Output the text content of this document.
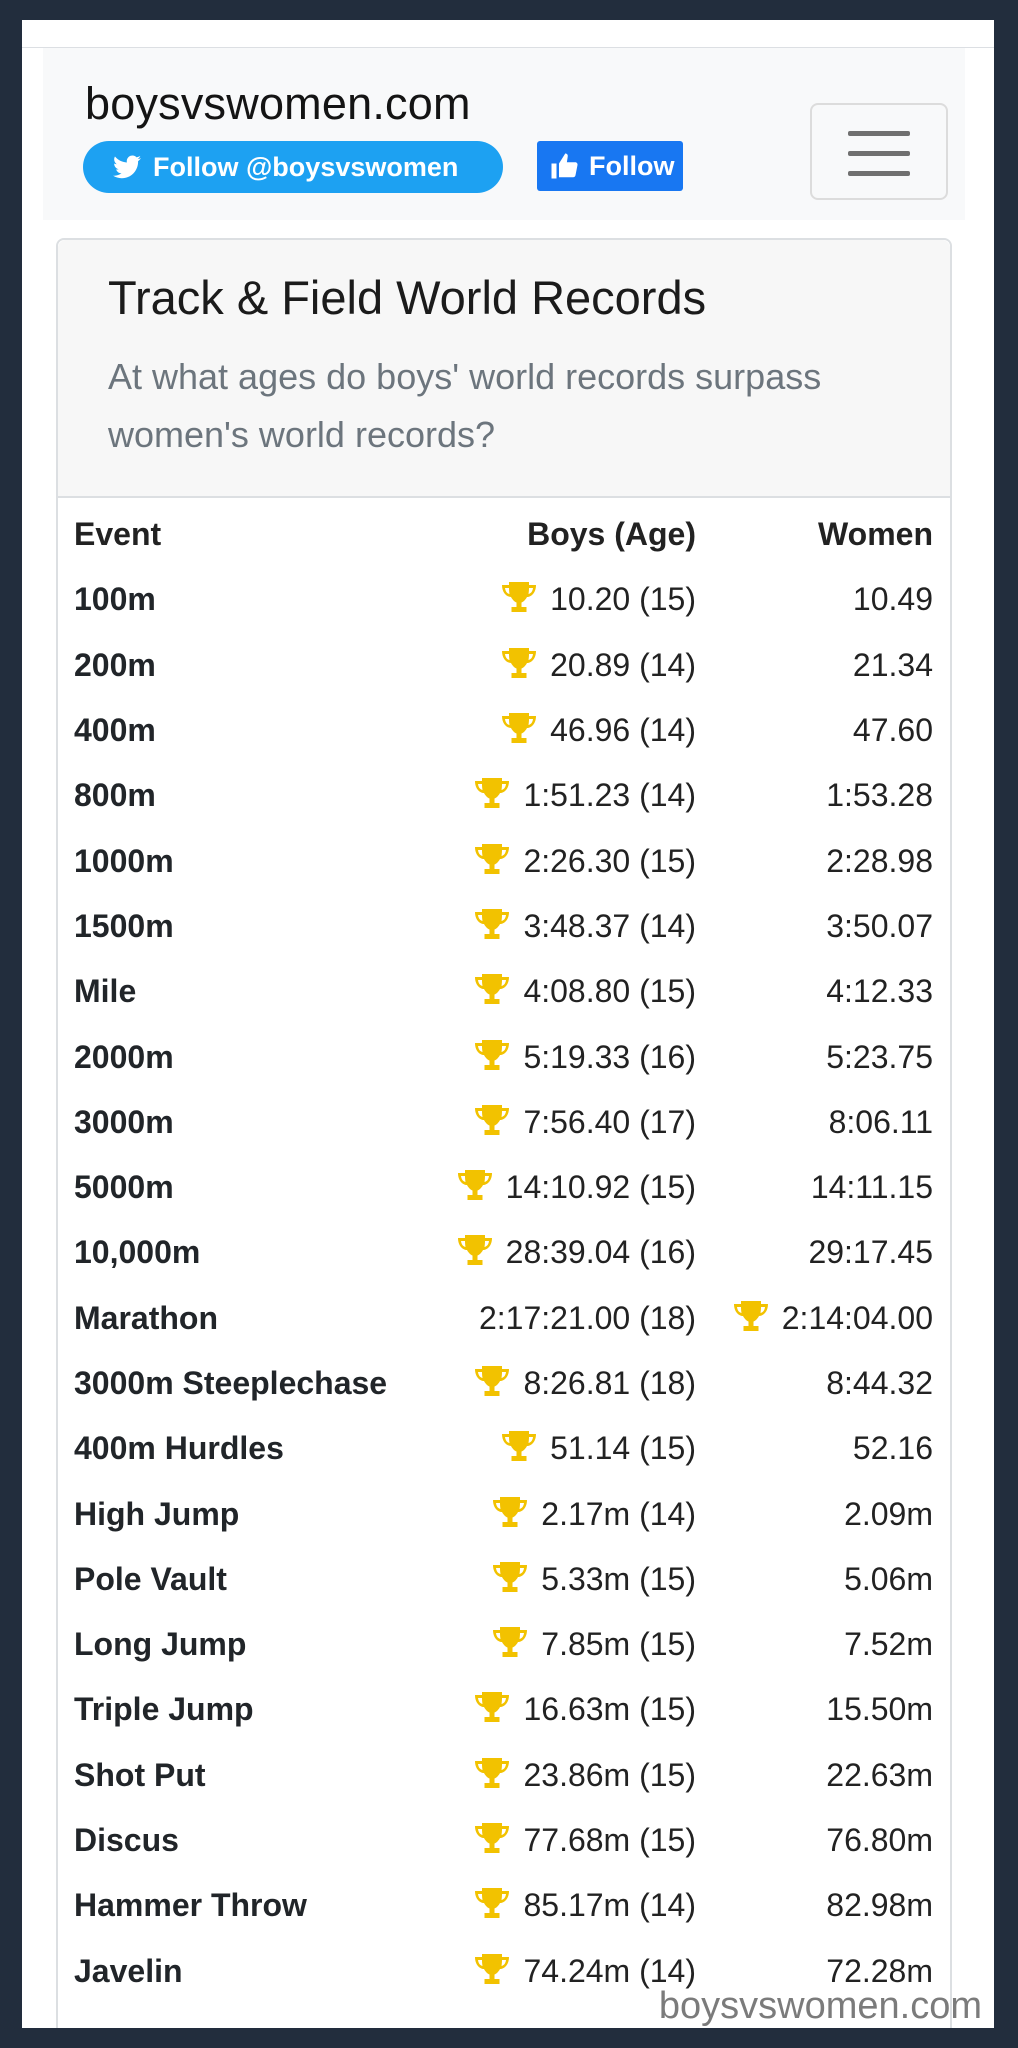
boysvswomen.com
Follow @boysvswomen	Follow
Track & Field World Records
At what ages do boys' world records surpass women's world records?
Event	Boys (Age)	Women
100m	10.20 (15)	10.49
200m	20.89 (14)	21.34
400m	46.96 (14)	47.60
800m	1:51.23 (14)	1:53.28
1000m	2:26.30 (15)	2:28.98
1500m	3:48.37 (14)	3:50.07
Mile	4:08.80 (15)	4:12.33
2000m	5:19.33 (16)	5:23.75
3000m	7:56.40 (17)	8:06.11
5000m	14:10.92 (15)	14:11.15
10,000m	28:39.04 (16)	29:17.45
Marathon	2:17:21.00 (18)	2:14:04.00
3000m Steeplechase	8:26.81 (18)	8:44.32
400m Hurdles	51.14 (15)	52.16
High Jump	2.17m (14)	2.09m
Pole Vault	5.33m (15)	5.06m
Long Jump	7.85m (15)	7.52m
Triple Jump	16.63m (15)	15.50m
Shot Put	23.86m (15)	22.63m
Discus	77.68m (15)	76.80m
Hammer Throw	85.17m (14)	82.98m
Javelin	74.24m (14)	72.28m
boysvswomen.com
